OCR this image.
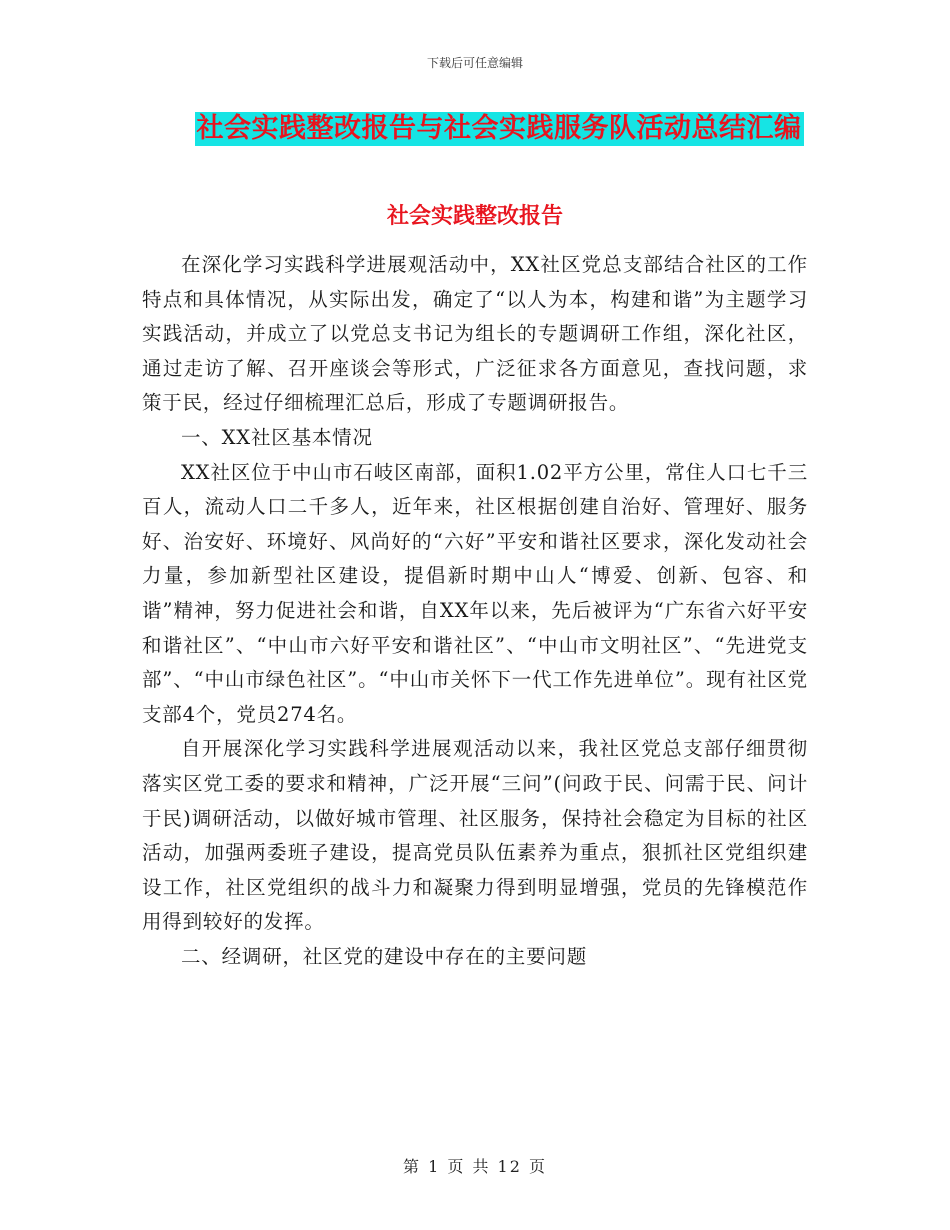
下载后可任意编辑
社会实践整改报告与社会实践服务队活动总结汇编
社会实践整改报告

在深化学习实践科学进展观活动中，XX社区党总支部结合社区的工作特点和具体情况，从实际出发，确定了“以人为本，构建和谐”为主题学习实践活动，并成立了以党总支书记为组长的专题调研工作组，深化社区，通过走访了解、召开座谈会等形式，广泛征求各方面意见，查找问题，求策于民，经过仔细梳理汇总后，形成了专题调研报告。

一、XX社区基本情况

XX社区位于中山市石岐区南部，面积1.02平方公里，常住人口七千三百人，流动人口二千多人，近年来，社区根据创建自治好、管理好、服务好、治安好、环境好、风尚好的“六好”平安和谐社区要求，深化发动社会力量，参加新型社区建设，提倡新时期中山人“博爱、创新、包容、和谐”精神，努力促进社会和谐，自XX年以来，先后被评为“广东省六好平安和谐社区”、“中山市六好平安和谐社区”、“中山市文明社区”、“先进党支部”、“中山市绿色社区”。“中山市关怀下一代工作先进单位”。现有社区党支部4个，党员274名。

自开展深化学习实践科学进展观活动以来，我社区党总支部仔细贯彻落实区党工委的要求和精神，广泛开展“三问”(问政于民、问需于民、问计于民)调研活动，以做好城市管理、社区服务，保持社会稳定为目标的社区活动，加强两委班子建设，提高党员队伍素养为重点，狠抓社区党组织建设工作，社区党组织的战斗力和凝聚力得到明显增强，党员的先锋模范作用得到较好的发挥。

二、经调研，社区党的建设中存在的主要问题

第 1 页 共 12 页
